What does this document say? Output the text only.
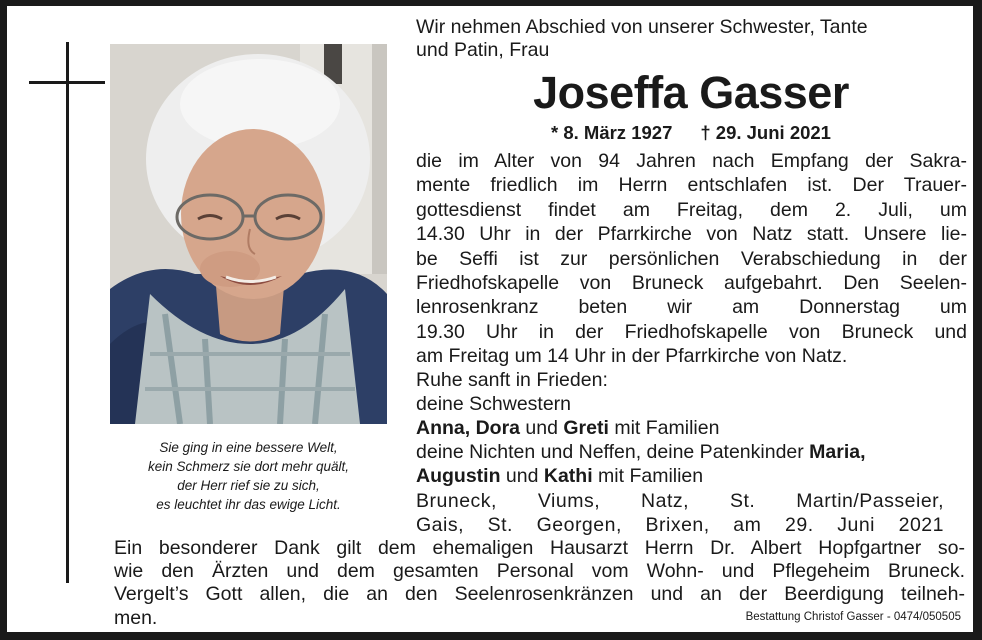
Sie ging in eine bessere Welt,
kein Schmerz sie dort mehr quält,
der Herr rief sie zu sich,
es leuchtet ihr das ewige Licht.
Wir nehmen Abschied von unserer Schwester, Tante
und Patin, Frau
Joseffa Gasser
* 8. März 1927 † 29. Juni 2021
die im Alter von 94 Jahren nach Empfang der Sakra-
mente friedlich im Herrn entschlafen ist. Der Trauer-
gottesdienst findet am Freitag, dem 2. Juli, um
14.30 Uhr in der Pfarrkirche von Natz statt. Unsere lie-
be Seffi ist zur persönlichen Verabschiedung in der
Friedhofskapelle von Bruneck aufgebahrt. Den Seelen-
lenrosenkranz beten wir am Donnerstag um
19.30 Uhr in der Friedhofskapelle von Bruneck und
am Freitag um 14 Uhr in der Pfarrkirche von Natz.
Ruhe sanft in Frieden:
deine Schwestern
Anna, Dora und Greti mit Familien
deine Nichten und Neffen, deine Patenkinder Maria,
Augustin und Kathi mit Familien
Bruneck, Viums, Natz, St. Martin/Passeier,
Gais, St. Georgen, Brixen, am 29. Juni 2021
Ein besonderer Dank gilt dem ehemaligen Hausarzt Herrn Dr. Albert Hopfgartner so-
wie den Ärzten und dem gesamten Personal vom Wohn- und Pflegeheim Bruneck.
Vergelt’s Gott allen, die an den Seelenrosenkränzen und an der Beerdigung teilneh-
men.	Bestattung Christof Gasser - 0474/050505
